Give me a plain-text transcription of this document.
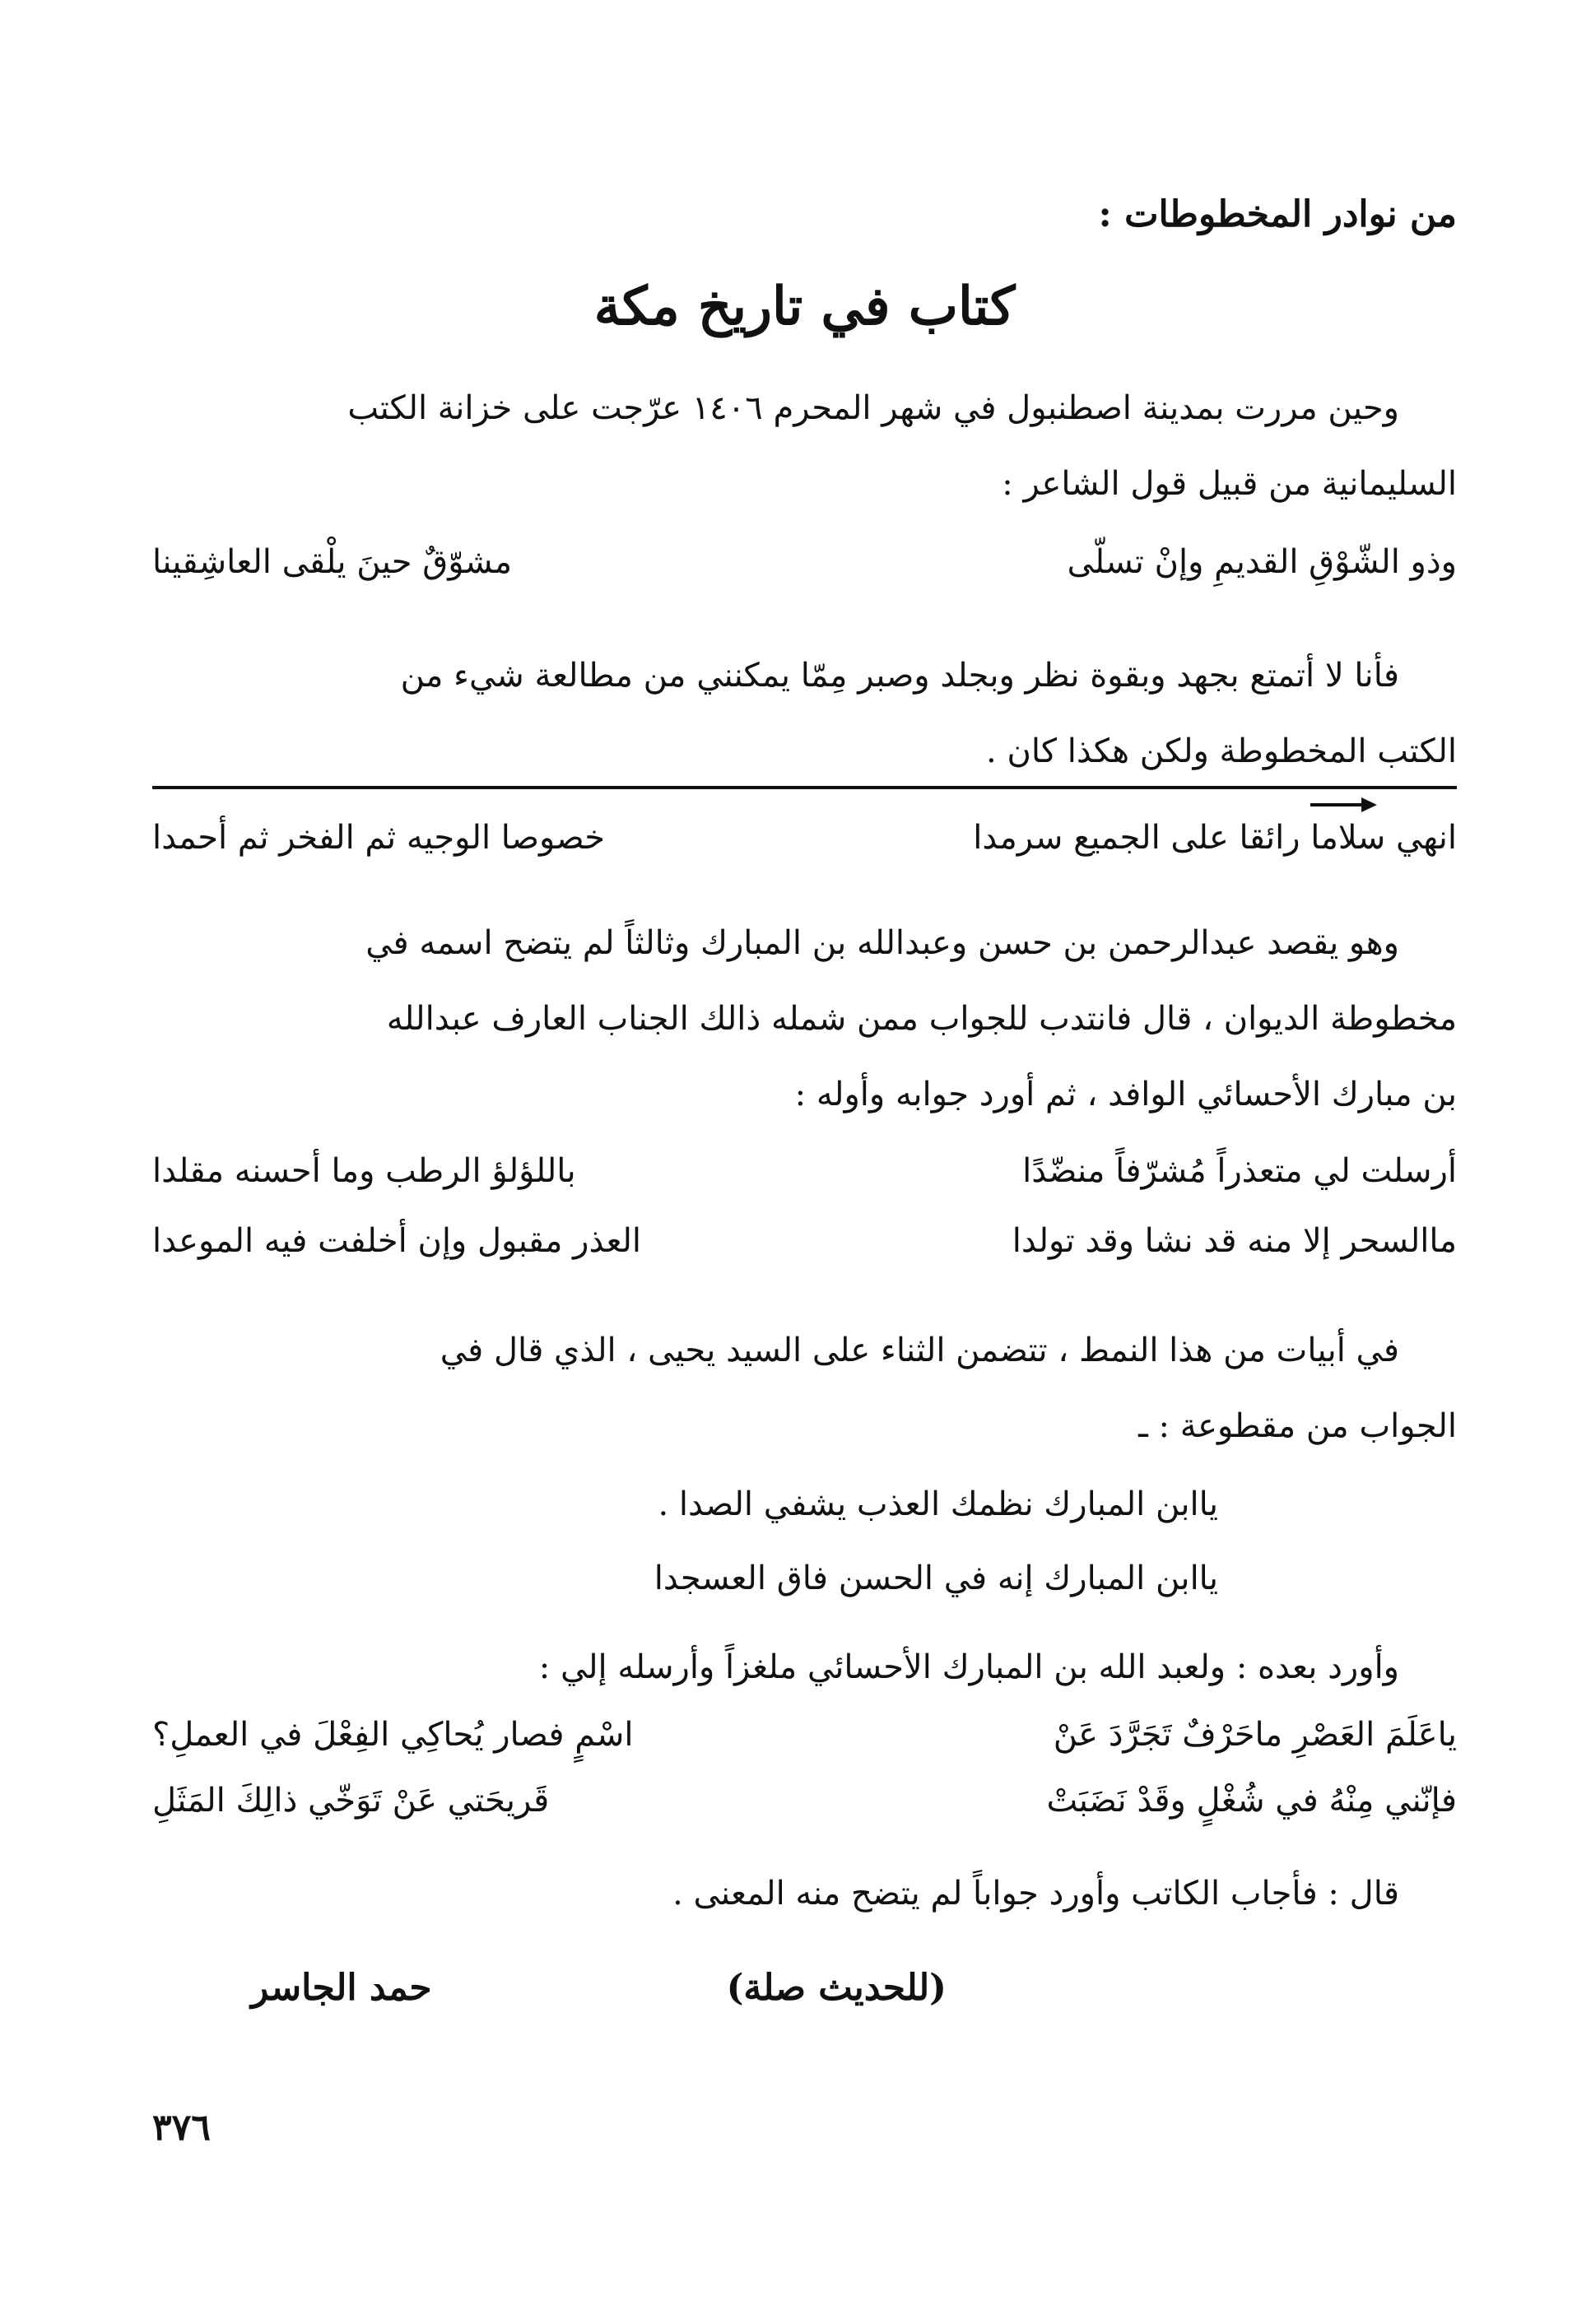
من نوادر المخطوطات :
كتاب في تاريخ مكة
وحين مررت بمدينة اصطنبول في شهر المحرم ١٤٠٦ عرّجت على خزانة الكتب
السليمانية من قبيل قول الشاعر :
وذو الشّوْقِ القديمِ وإنْ تسلّى
مشوّقٌ حينَ يلْقى العاشِقينا
فأنا لا أتمتع بجهد وبقوة نظر وبجلد وصبر مِمّا يمكنني من مطالعة شيء من
الكتب المخطوطة ولكن هكذا كان .
انهي سلاما رائقا على الجميع سرمدا
خصوصا الوجيه ثم الفخر ثم أحمدا
وهو يقصد عبدالرحمن بن حسن وعبدالله بن المبارك وثالثاً لم يتضح اسمه في
مخطوطة الديوان ، قال فانتدب للجواب ممن شمله ذالك الجناب العارف عبدالله
بن مبارك الأحسائي الوافد ، ثم أورد جوابه وأوله :
أرسلت لي متعذراً مُشرّفاً منضّدًا
باللؤلؤ الرطب وما أحسنه مقلدا
ماالسحر إلا منه قد نشا وقد تولدا
العذر مقبول وإن أخلفت فيه الموعدا
في أبيات من هذا النمط ، تتضمن الثناء على السيد يحيى ، الذي قال في
الجواب من مقطوعة : ـ
ياابن المبارك نظمك العذب يشفي الصدا .
ياابن المبارك إنه في الحسن فاق العسجدا
وأورد بعده : ولعبد الله بن المبارك الأحسائي ملغزاً وأرسله إلي :
ياعَلَمَ العَصْرِ ماحَرْفٌ تَجَرَّدَ عَنْ
اسْمٍ فصار يُحاكِي الفِعْلَ في العملِ؟
فإنّني مِنْهُ في شُغْلٍ وقَدْ نَضَبَتْ
قَريحَتي عَنْ تَوَخّي ذالِكَ المَثَلِ
قال : فأجاب الكاتب وأورد جواباً لم يتضح منه المعنى .
(للحديث صلة)
حمد الجاسر
٣٧٦
